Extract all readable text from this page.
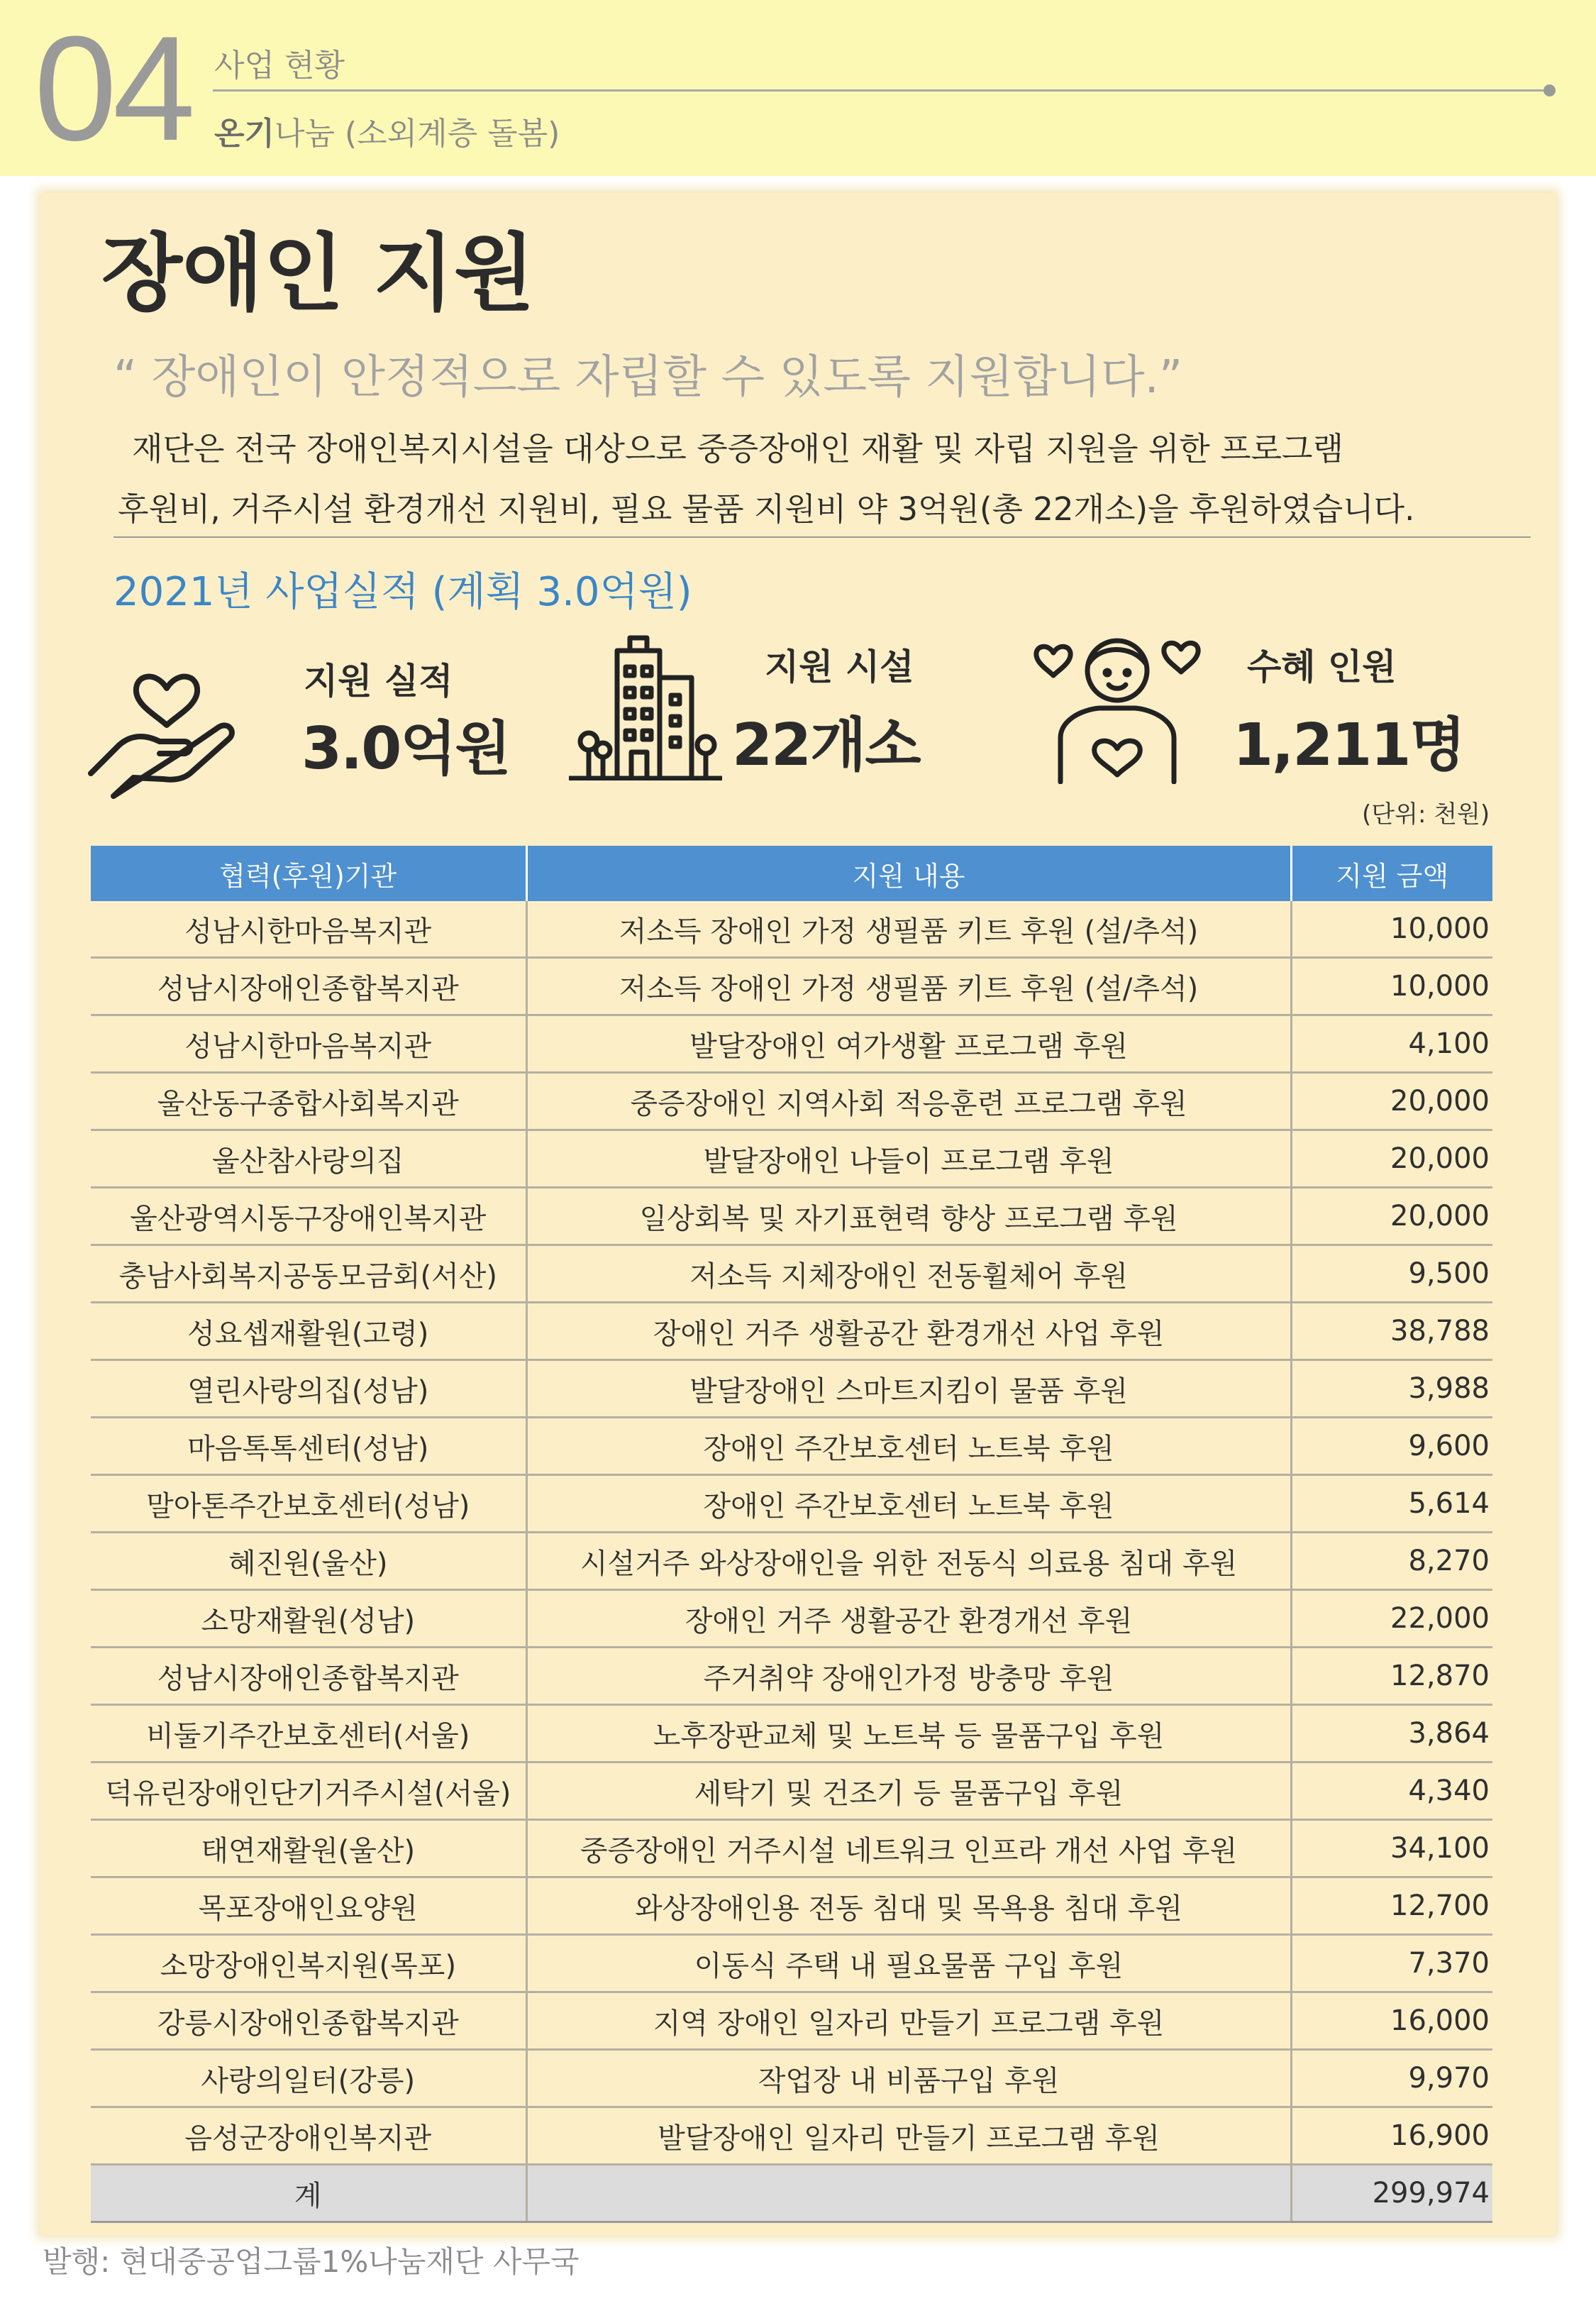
04 사업 현황
온기나눔 (소외계층 돌봄)
장애인 지원
“ 장애인이 안정적으로 자립할 수 있도록 지원합니다.”
재단은 전국 장애인복지시설을 대상으로 중증장애인 재활 및 자립 지원을 위한 프로그램
후원비, 거주시설 환경개선 지원비, 필요 물품 지원비 약 3억원(총 22개소)을 후원하였습니다.
2021년 사업실적 (계획 3.0억원)
지원 실적
3.0억원
지원 시설
22개소
수혜 인원
1,211명
(단위: 천원)
협력(후원)기관	지원 내용	지원 금액
성남시한마음복지관	저소득 장애인 가정 생필품 키트 후원 (설/추석)	10,000
성남시장애인종합복지관	저소득 장애인 가정 생필품 키트 후원 (설/추석)	10,000
성남시한마음복지관	발달장애인 여가생활 프로그램 후원	4,100
울산동구종합사회복지관	중증장애인 지역사회 적응훈련 프로그램 후원	20,000
울산참사랑의집	발달장애인 나들이 프로그램 후원	20,000
울산광역시동구장애인복지관	일상회복 및 자기표현력 향상 프로그램 후원	20,000
충남사회복지공동모금회(서산)	저소득 지체장애인 전동휠체어 후원	9,500
성요셉재활원(고령)	장애인 거주 생활공간 환경개선 사업 후원	38,788
열린사랑의집(성남)	발달장애인 스마트지킴이 물품 후원	3,988
마음톡톡센터(성남)	장애인 주간보호센터 노트북 후원	9,600
말아톤주간보호센터(성남)	장애인 주간보호센터 노트북 후원	5,614
혜진원(울산)	시설거주 와상장애인을 위한 전동식 의료용 침대 후원	8,270
소망재활원(성남)	장애인 거주 생활공간 환경개선 후원	22,000
성남시장애인종합복지관	주거취약 장애인가정 방충망 후원	12,870
비둘기주간보호센터(서울)	노후장판교체 및 노트북 등 물품구입 후원	3,864
덕유린장애인단기거주시설(서울)	세탁기 및 건조기 등 물품구입 후원	4,340
태연재활원(울산)	중증장애인 거주시설 네트워크 인프라 개선 사업 후원	34,100
목포장애인요양원	와상장애인용 전동 침대 및 목욕용 침대 후원	12,700
소망장애인복지원(목포)	이동식 주택 내 필요물품 구입 후원	7,370
강릉시장애인종합복지관	지역 장애인 일자리 만들기 프로그램 후원	16,000
사랑의일터(강릉)	작업장 내 비품구입 후원	9,970
음성군장애인복지관	발달장애인 일자리 만들기 프로그램 후원	16,900
계		299,974
발행: 현대중공업그룹1%나눔재단 사무국
